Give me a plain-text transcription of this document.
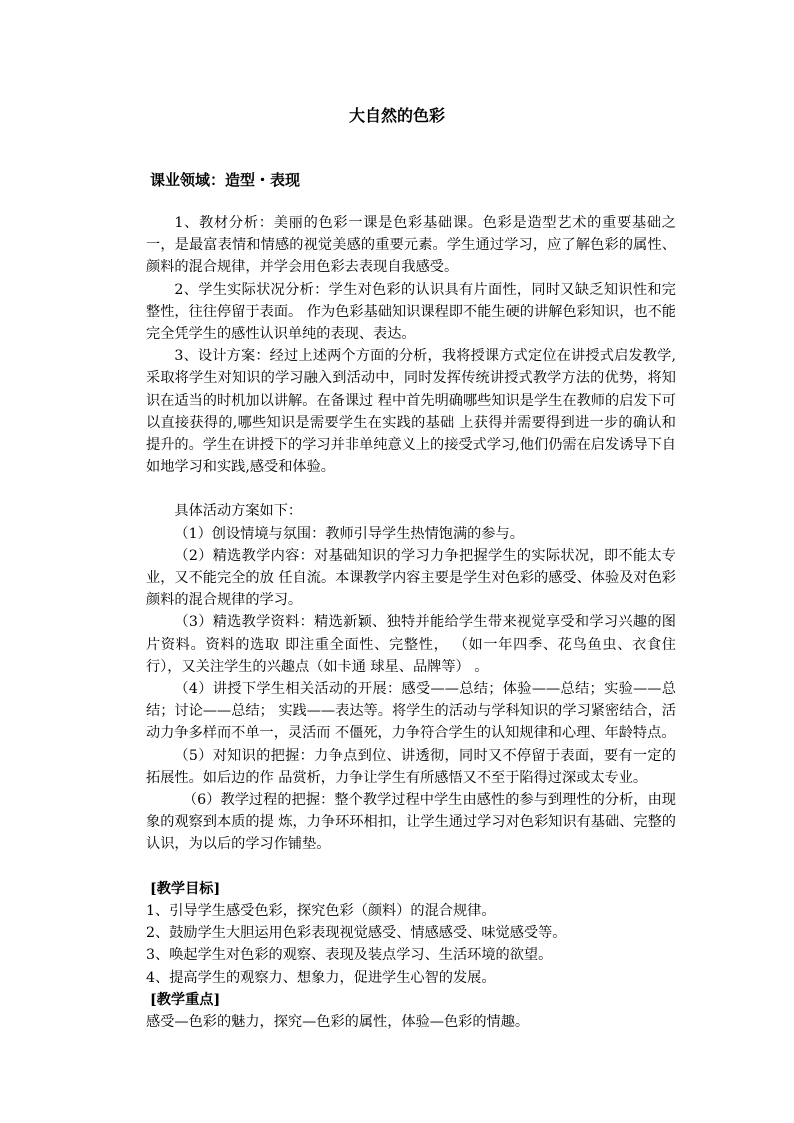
大自然的色彩
课业领域：造型・表现

1、教材分析：美丽的色彩一课是色彩基础课。色彩是造型艺术的重要基础之一，是最富表情和情感的视觉美感的重要元素。学生通过学习，应了解色彩的属性、颜料的混合规律，并学会用色彩去表现自我感受。

2、学生实际状况分析：学生对色彩的认识具有片面性，同时又缺乏知识性和完整性，往往停留于表面。 作为色彩基础知识课程即不能生硬的讲解色彩知识，也不能完全凭学生的感性认识单纯的表现、表达。

3、设计方案：经过上述两个方面的分析，我将授课方式定位在讲授式启发教学,采取将学生对知识的学习融入到活动中，同时发挥传统讲授式教学方法的优势，将知识在适当的时机加以讲解。在备课过 程中首先明确哪些知识是学生在教师的启发下可以直接获得的,哪些知识是需要学生在实践的基础 上获得并需要得到进一步的确认和提升的。学生在讲授下的学习并非单纯意义上的接受式学习,他们仍需在启发诱导下自如地学习和实践,感受和体验。

具体活动方案如下：

（1）创设情境与氛围：教师引导学生热情饱满的参与。

（2）精选教学内容：对基础知识的学习力争把握学生的实际状况，即不能太专业，又不能完全的放 任自流。本课教学内容主要是学生对色彩的感受、体验及对色彩颜料的混合规律的学习。

（3）精选教学资料：精选新颖、独特并能给学生带来视觉享受和学习兴趣的图片资料。资料的选取 即注重全面性、完整性， （如一年四季、花鸟鱼虫、衣食住行），又关注学生的兴趣点（如卡通 球星、品牌等） 。

（4）讲授下学生相关活动的开展：感受——总结；体验——总结；实验——总结；讨论——总结； 实践——表达等。将学生的活动与学科知识的学习紧密结合，活动力争多样而不单一，灵活而 不僵死，力争符合学生的认知规律和心理、年龄特点。

（5）对知识的把握：力争点到位、讲透彻，同时又不停留于表面，要有一定的拓展性。如后边的作 品赏析，力争让学生有所感悟又不至于陷得过深或太专业。

（6）教学过程的把握：整个教学过程中学生由感性的参与到理性的分析，由现象的观察到本质的提 炼，力争环环相扣，让学生通过学习对色彩知识有基础、完整的认识，为以后的学习作铺垫。

[教学目标]
1、引导学生感受色彩，探究色彩（颜料）的混合规律。
2、鼓励学生大胆运用色彩表现视觉感受、情感感受、味觉感受等。
3、唤起学生对色彩的观察、表现及装点学习、生活环境的欲望。
4、提高学生的观察力、想象力，促进学生心智的发展。
[教学重点]
感受—色彩的魅力，探究—色彩的属性，体验—色彩的情趣。
